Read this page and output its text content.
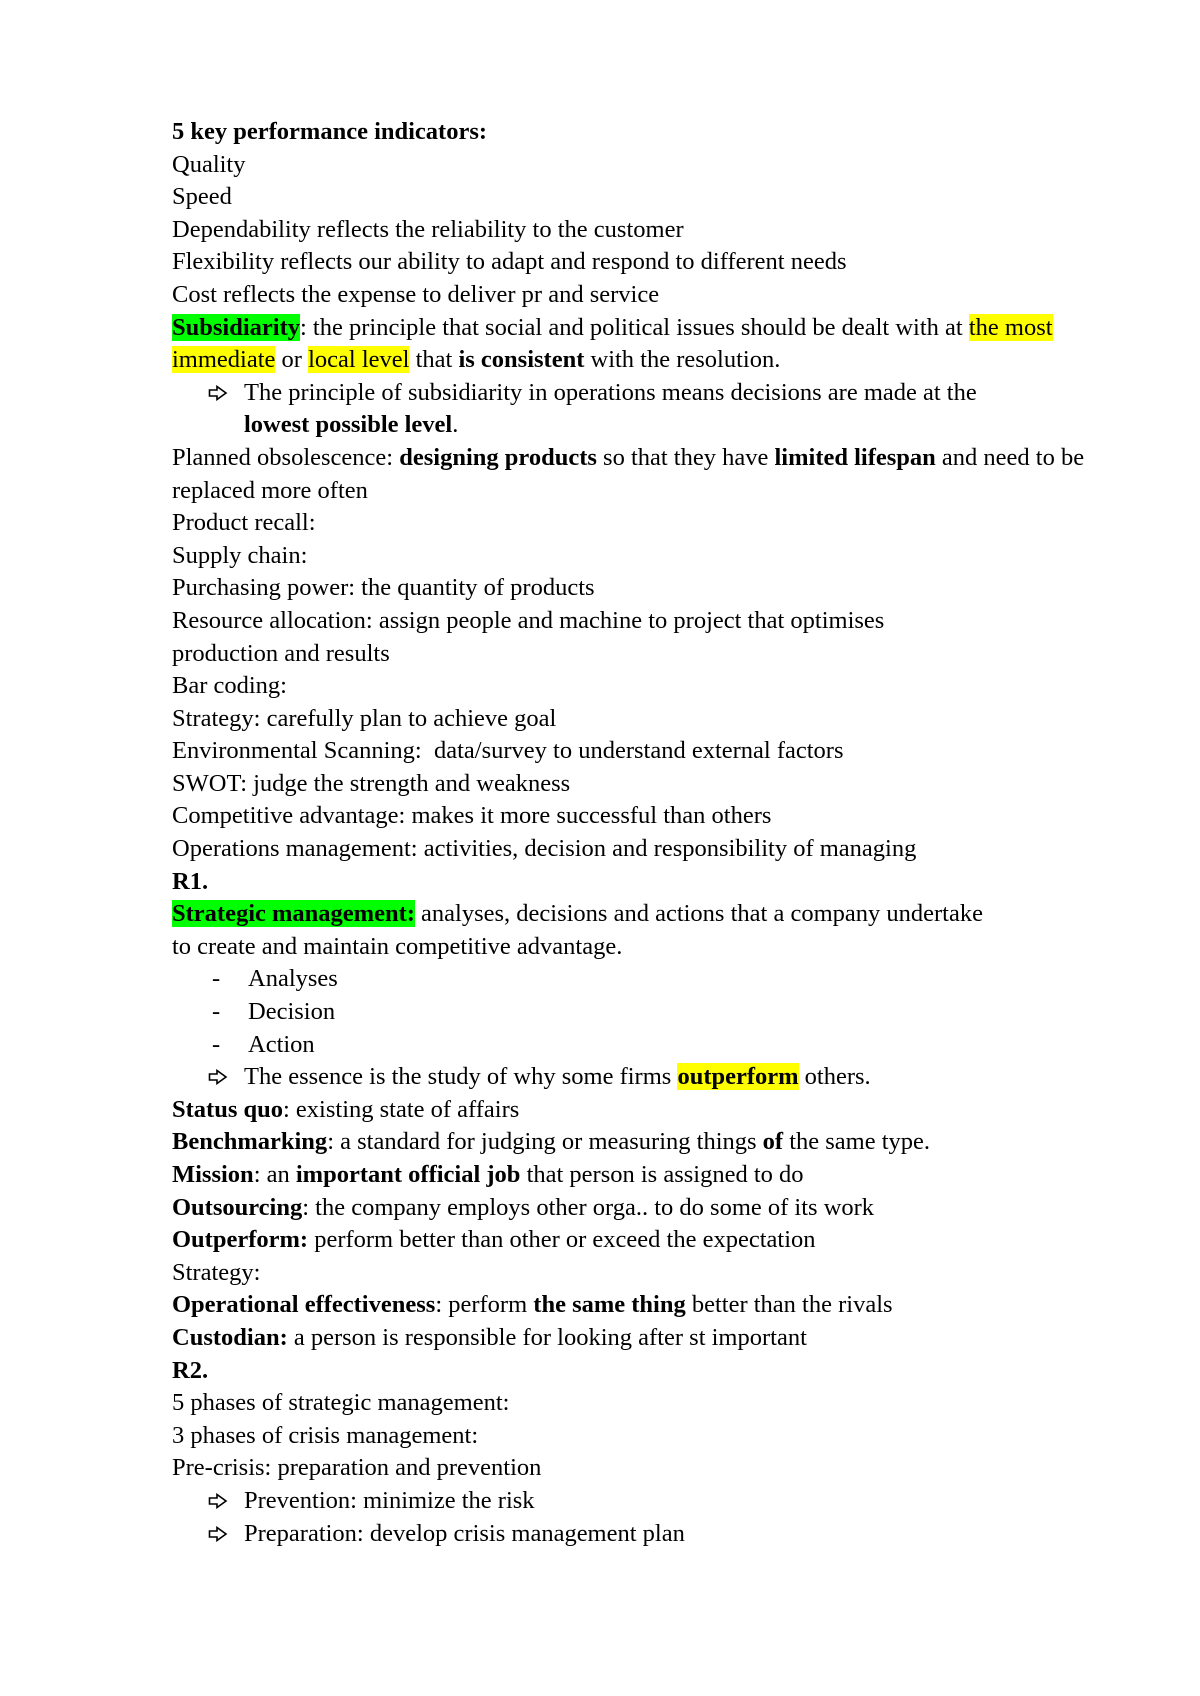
5 key performance indicators:
Quality
Speed
Dependability reflects the reliability to the customer
Flexibility reflects our ability to adapt and respond to different needs
Cost reflects the expense to deliver pr and service
Subsidiarity: the principle that social and political issues should be dealt with at the most immediate or local level that is consistent with the resolution.
The principle of subsidiarity in operations means decisions are made at the lowest possible level.
Planned obsolescence: designing products so that they have limited lifespan and need to be replaced more often
Product recall:
Supply chain:
Purchasing power: the quantity of products
Resource allocation: assign people and machine to project that optimises production and results
Bar coding:
Strategy: carefully plan to achieve goal
Environmental Scanning:  data/survey to understand external factors
SWOT: judge the strength and weakness
Competitive advantage: makes it more successful than others
Operations management: activities, decision and responsibility of managing
R1.
Strategic management: analyses, decisions and actions that a company undertake to create and maintain competitive advantage.
-	Analyses
-	Decision
-	Action
The essence is the study of why some firms outperform others.
Status quo: existing state of affairs
Benchmarking: a standard for judging or measuring things of the same type.
Mission: an important official job that person is assigned to do
Outsourcing: the company employs other orga.. to do some of its work
Outperform: perform better than other or exceed the expectation
Strategy:
Operational effectiveness: perform the same thing better than the rivals
Custodian: a person is responsible for looking after st important
R2.
5 phases of strategic management:
3 phases of crisis management:
Pre-crisis: preparation and prevention
Prevention: minimize the risk
Preparation: develop crisis management plan
